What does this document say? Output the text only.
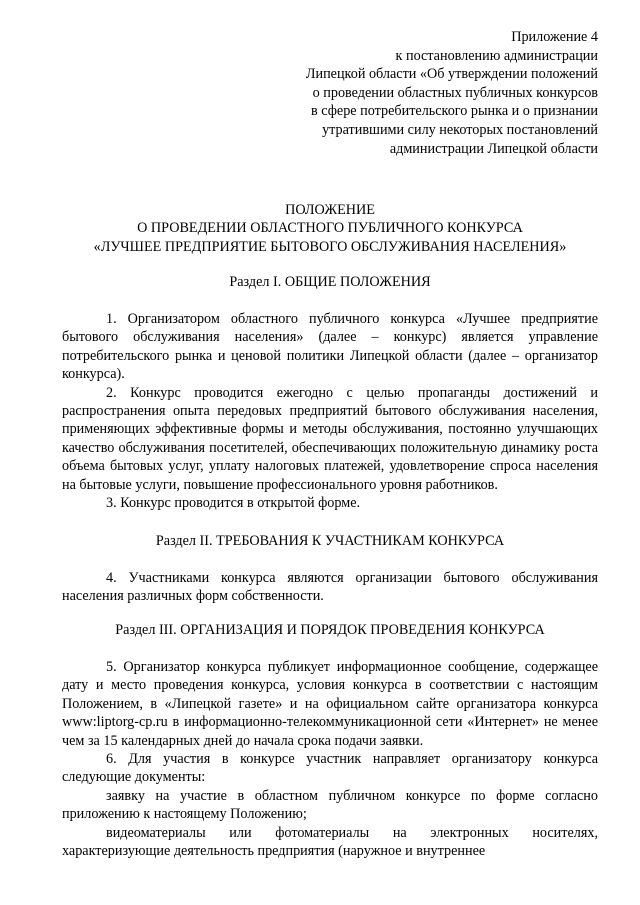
Приложение 4
к постановлению администрации
Липецкой области «Об утверждении положений
о проведении областных публичных конкурсов
в сфере потребительского рынка и о признании
утратившими силу некоторых постановлений
администрации Липецкой области
ПОЛОЖЕНИЕ
О ПРОВЕДЕНИИ ОБЛАСТНОГО ПУБЛИЧНОГО КОНКУРСА
«ЛУЧШЕЕ ПРЕДПРИЯТИЕ БЫТОВОГО ОБСЛУЖИВАНИЯ НАСЕЛЕНИЯ»
Раздел I. ОБЩИЕ ПОЛОЖЕНИЯ

1. Организатором областного публичного конкурса «Лучшее предприятие бытового обслуживания населения» (далее – конкурс) является управление потребительского рынка и ценовой политики Липецкой области (далее – организатор конкурса).

2. Конкурс проводится ежегодно с целью пропаганды достижений и распространения опыта передовых предприятий бытового обслуживания населения, применяющих эффективные формы и методы обслуживания, постоянно улучшающих качество обслуживания посетителей, обеспечивающих положительную динамику роста объема бытовых услуг, уплату налоговых платежей, удовлетворение спроса населения на бытовые услуги, повышение профессионального уровня работников.

3. Конкурс проводится в открытой форме.

Раздел II. ТРЕБОВАНИЯ К УЧАСТНИКАМ КОНКУРСА

4. Участниками конкурса являются организации бытового обслуживания населения различных форм собственности.

Раздел III. ОРГАНИЗАЦИЯ И ПОРЯДОК ПРОВЕДЕНИЯ КОНКУРСА

5. Организатор конкурса публикует информационное сообщение, содержащее дату и место проведения конкурса, условия конкурса в соответствии с настоящим Положением, в «Липецкой газете» и на официальном сайте организатора конкурса www:liptorg-cp.ru в информационно-телекоммуникационной сети «Интернет» не менее чем за 15 календарных дней до начала срока подачи заявки.

6. Для участия в конкурсе участник направляет организатору конкурса следующие документы:

заявку на участие в областном публичном конкурсе по форме согласно приложению к настоящему Положению;

видеоматериалы или фотоматериалы на электронных носителях, характеризующие деятельность предприятия (наружное и внутреннее
